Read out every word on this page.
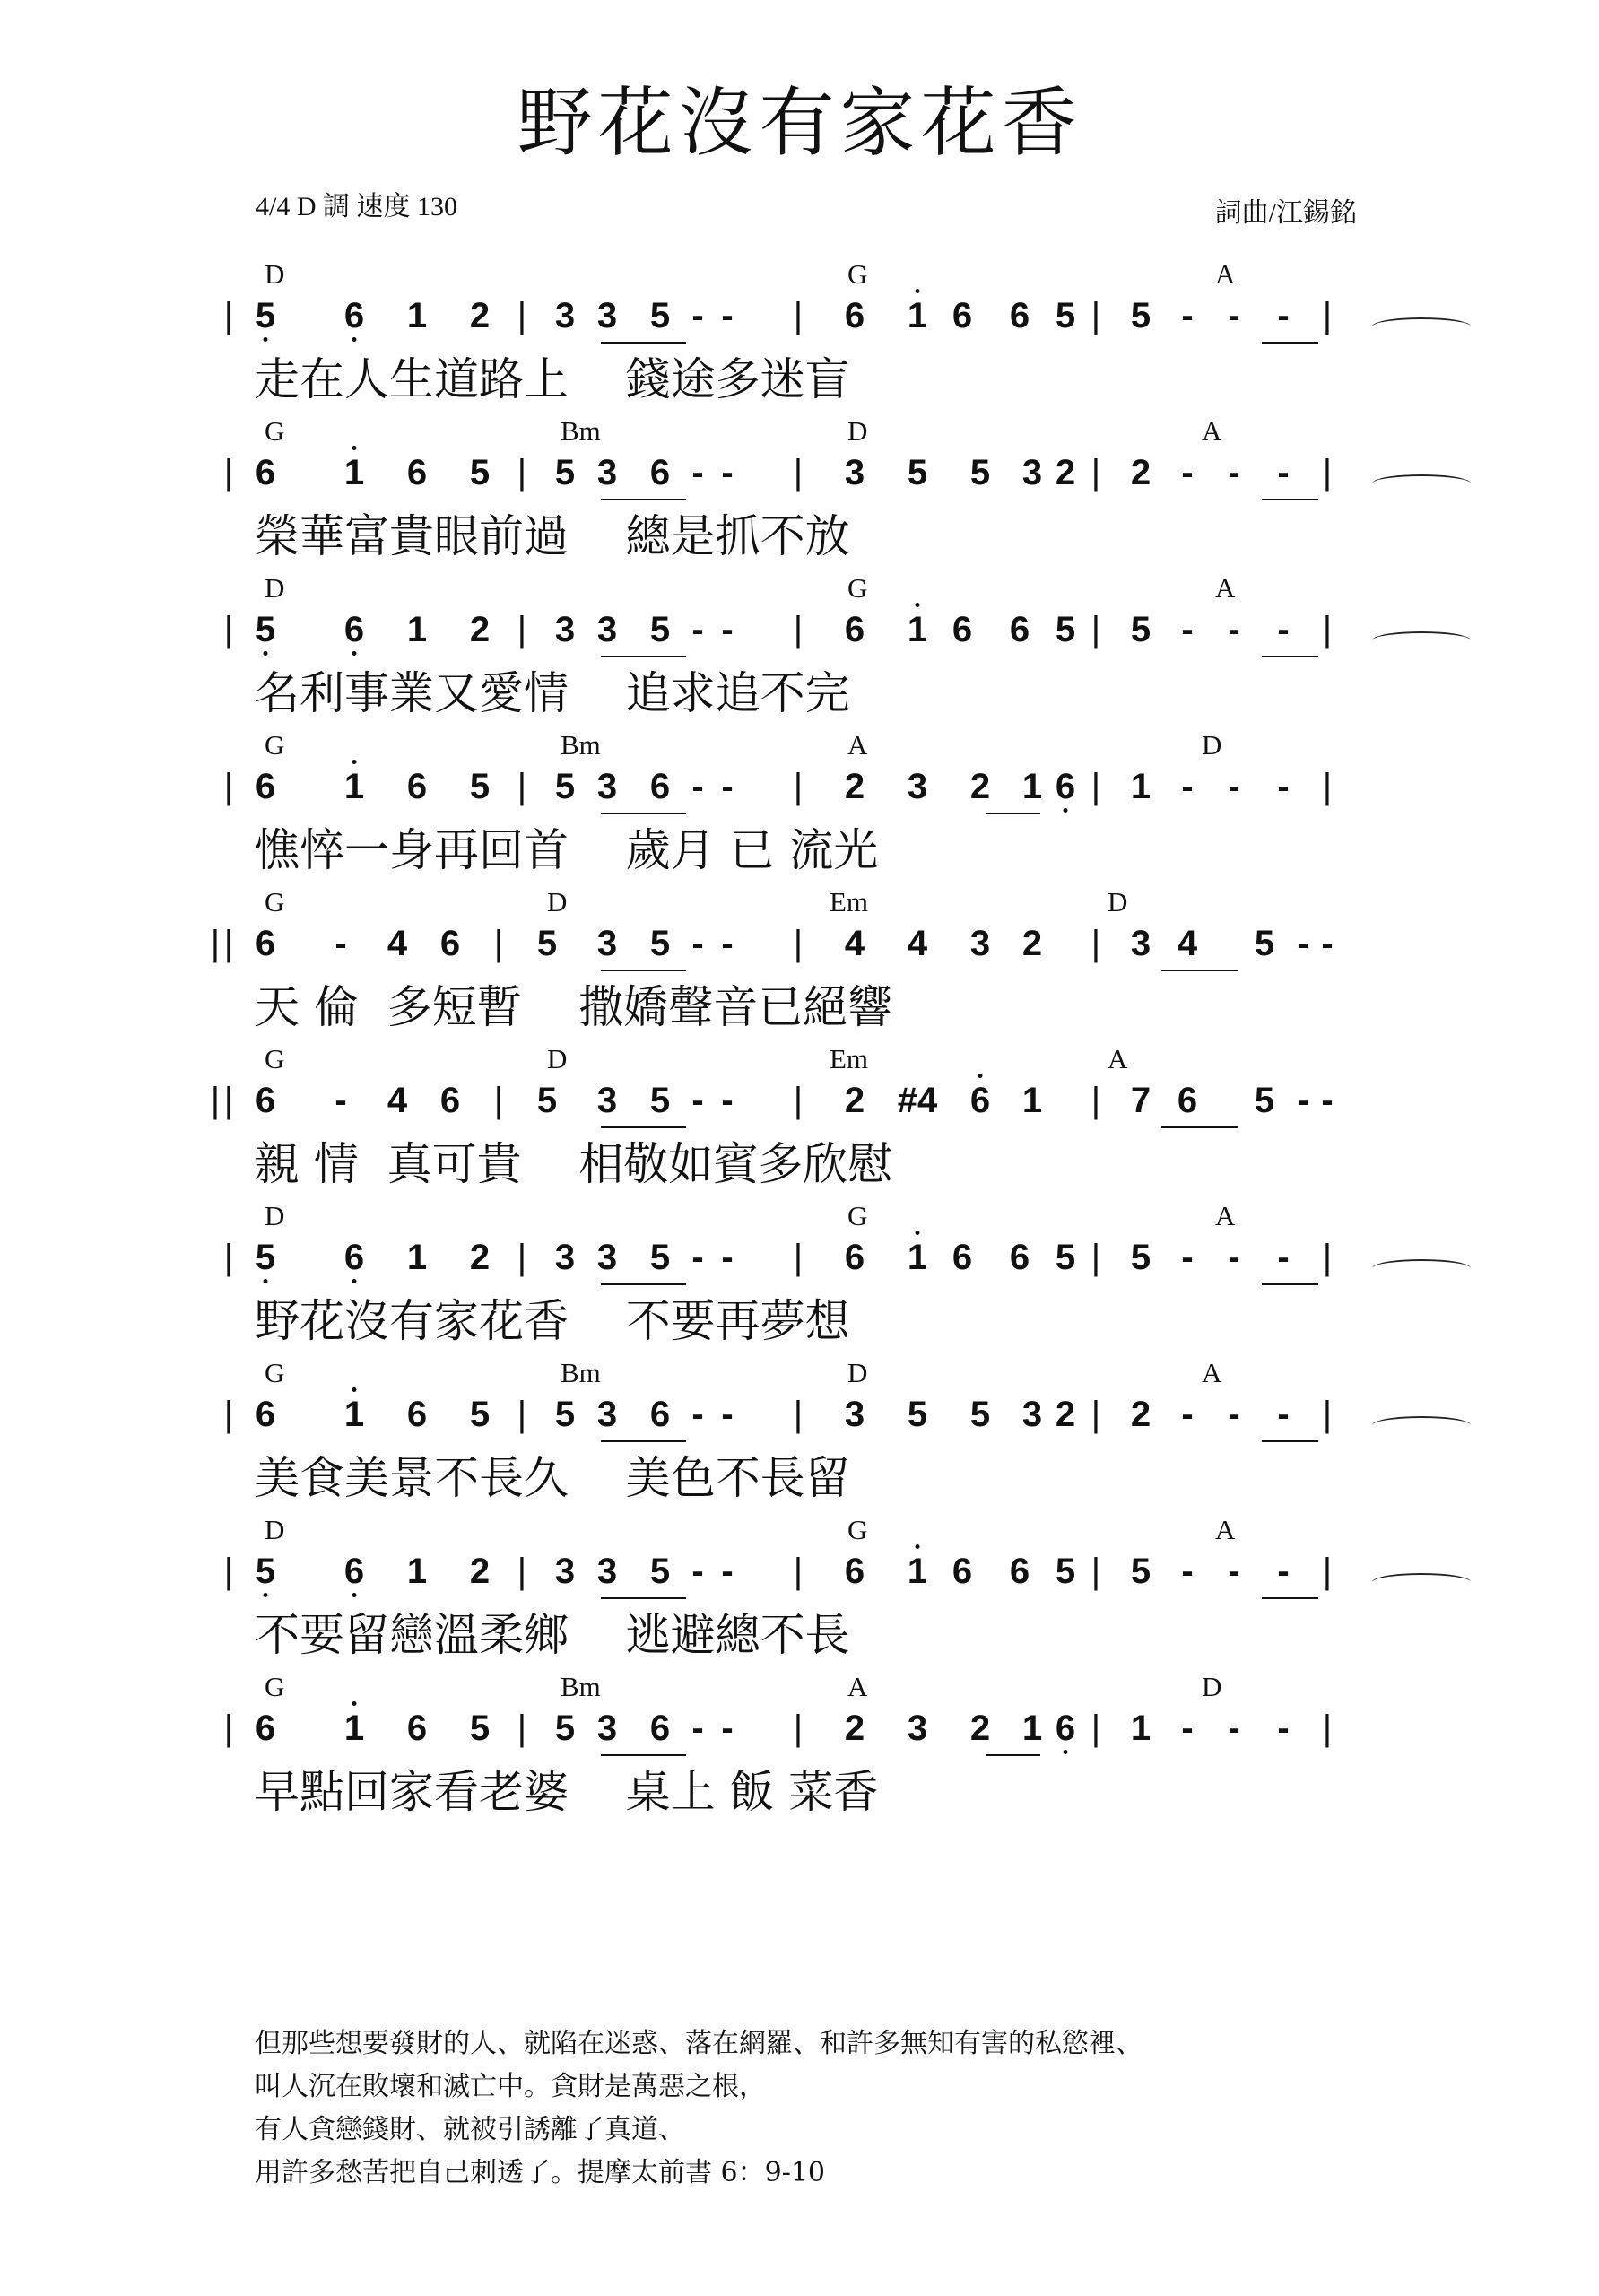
野花沒有家花香
4/4 D 調 速度 130	詞曲/江錫銘
D	G	A
| 5 6 1 2 | 3 3 5 - - | 6 1 6 6 5 | 5 - - - |
走在人生道路上    錢途多迷盲
G	Bm	D	A
| 6 1 6 5 | 5 3 6 - - | 3 5 5 3 2 | 2 - - - |
榮華富貴眼前過    總是抓不放
D	G	A
| 5 6 1 2 | 3 3 5 - - | 6 1 6 6 5 | 5 - - - |
名利事業又愛情    追求追不完
G	Bm	A	D
| 6 1 6 5 | 5 3 6 - - | 2 3 2 1 6 | 1 - - - |
憔悴一身再回首    歲月 已 流光
G	D	Em	D
| 6 - 4 6 | 5 3 5 - - | 4 4 3 2 | 3 4 5 - -
|
天 倫  多短暫    撒嬌聲音已絕響
G	D	Em	A
| 6 - 4 6 | 5 3 5 - - | 2 #4 6 1 | 7 6 5 - -
|
親 情  真可貴    相敬如賓多欣慰
D	G	A
| 5 6 1 2 | 3 3 5 - - | 6 1 6 6 5 | 5 - - - |
野花沒有家花香    不要再夢想
G	Bm	D	A
| 6 1 6 5 | 5 3 6 - - | 3 5 5 3 2 | 2 - - - |
美食美景不長久    美色不長留
D	G	A
| 5 6 1 2 | 3 3 5 - - | 6 1 6 6 5 | 5 - - - |
不要留戀溫柔鄉    逃避總不長
G	Bm	A	D
| 6 1 6 5 | 5 3 6 - - | 2 3 2 1 6 | 1 - - - |
早點回家看老婆    桌上 飯 菜香
但那些想要發財的人、就陷在迷惑、落在網羅、和許多無知有害的私慾裡、
叫人沉在敗壞和滅亡中。貪財是萬惡之根，
有人貪戀錢財、就被引誘離了真道、
用許多愁苦把自己刺透了。提摩太前書 6：9-10
